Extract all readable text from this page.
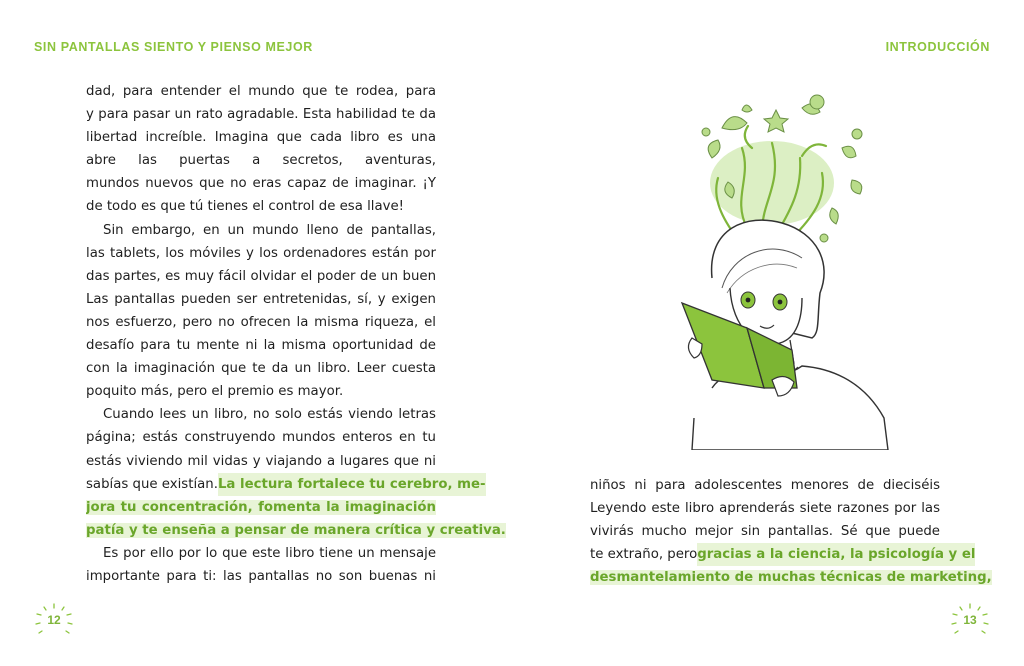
SIN PANTALLAS SIENTO Y PIENSO MEJOR
dad, para entender el mundo que te rodea, para
y para pasar un rato agradable. Esta habilidad te da
libertad increíble. Imagina que cada libro es una
abre las puertas a secretos, aventuras,
mundos nuevos que no eras capaz de imaginar. ¡Y
de todo es que tú tienes el control de esa llave!
Sin embargo, en un mundo lleno de pantallas,
las tablets, los móviles y los ordenadores están por
das partes, es muy fácil olvidar el poder de un buen
Las pantallas pueden ser entretenidas, sí, y exigen
nos esfuerzo, pero no ofrecen la misma riqueza, el
desafío para tu mente ni la misma oportunidad de
con la imaginación que te da un libro. Leer cuesta
poquito más, pero el premio es mayor.
Cuando lees un libro, no solo estás viendo letras
página; estás construyendo mundos enteros en tu
estás viviendo mil vidas y viajando a lugares que ni
sabías que existían. La lectura fortalece tu cerebro, me-
jora tu concentración, fomenta la imaginación
patía y te enseña a pensar de manera crítica y creativa.
Es por ello por lo que este libro tiene un mensaje
importante para ti: las pantallas no son buenas ni
12
INTRODUCCIÓN
niños ni para adolescentes menores de dieciséis
Leyendo este libro aprenderás siete razones por las
vivirás mucho mejor sin pantallas. Sé que puede
te extraño, pero gracias a la ciencia, la psicología y el
desmantelamiento de muchas técnicas de marketing,
13
